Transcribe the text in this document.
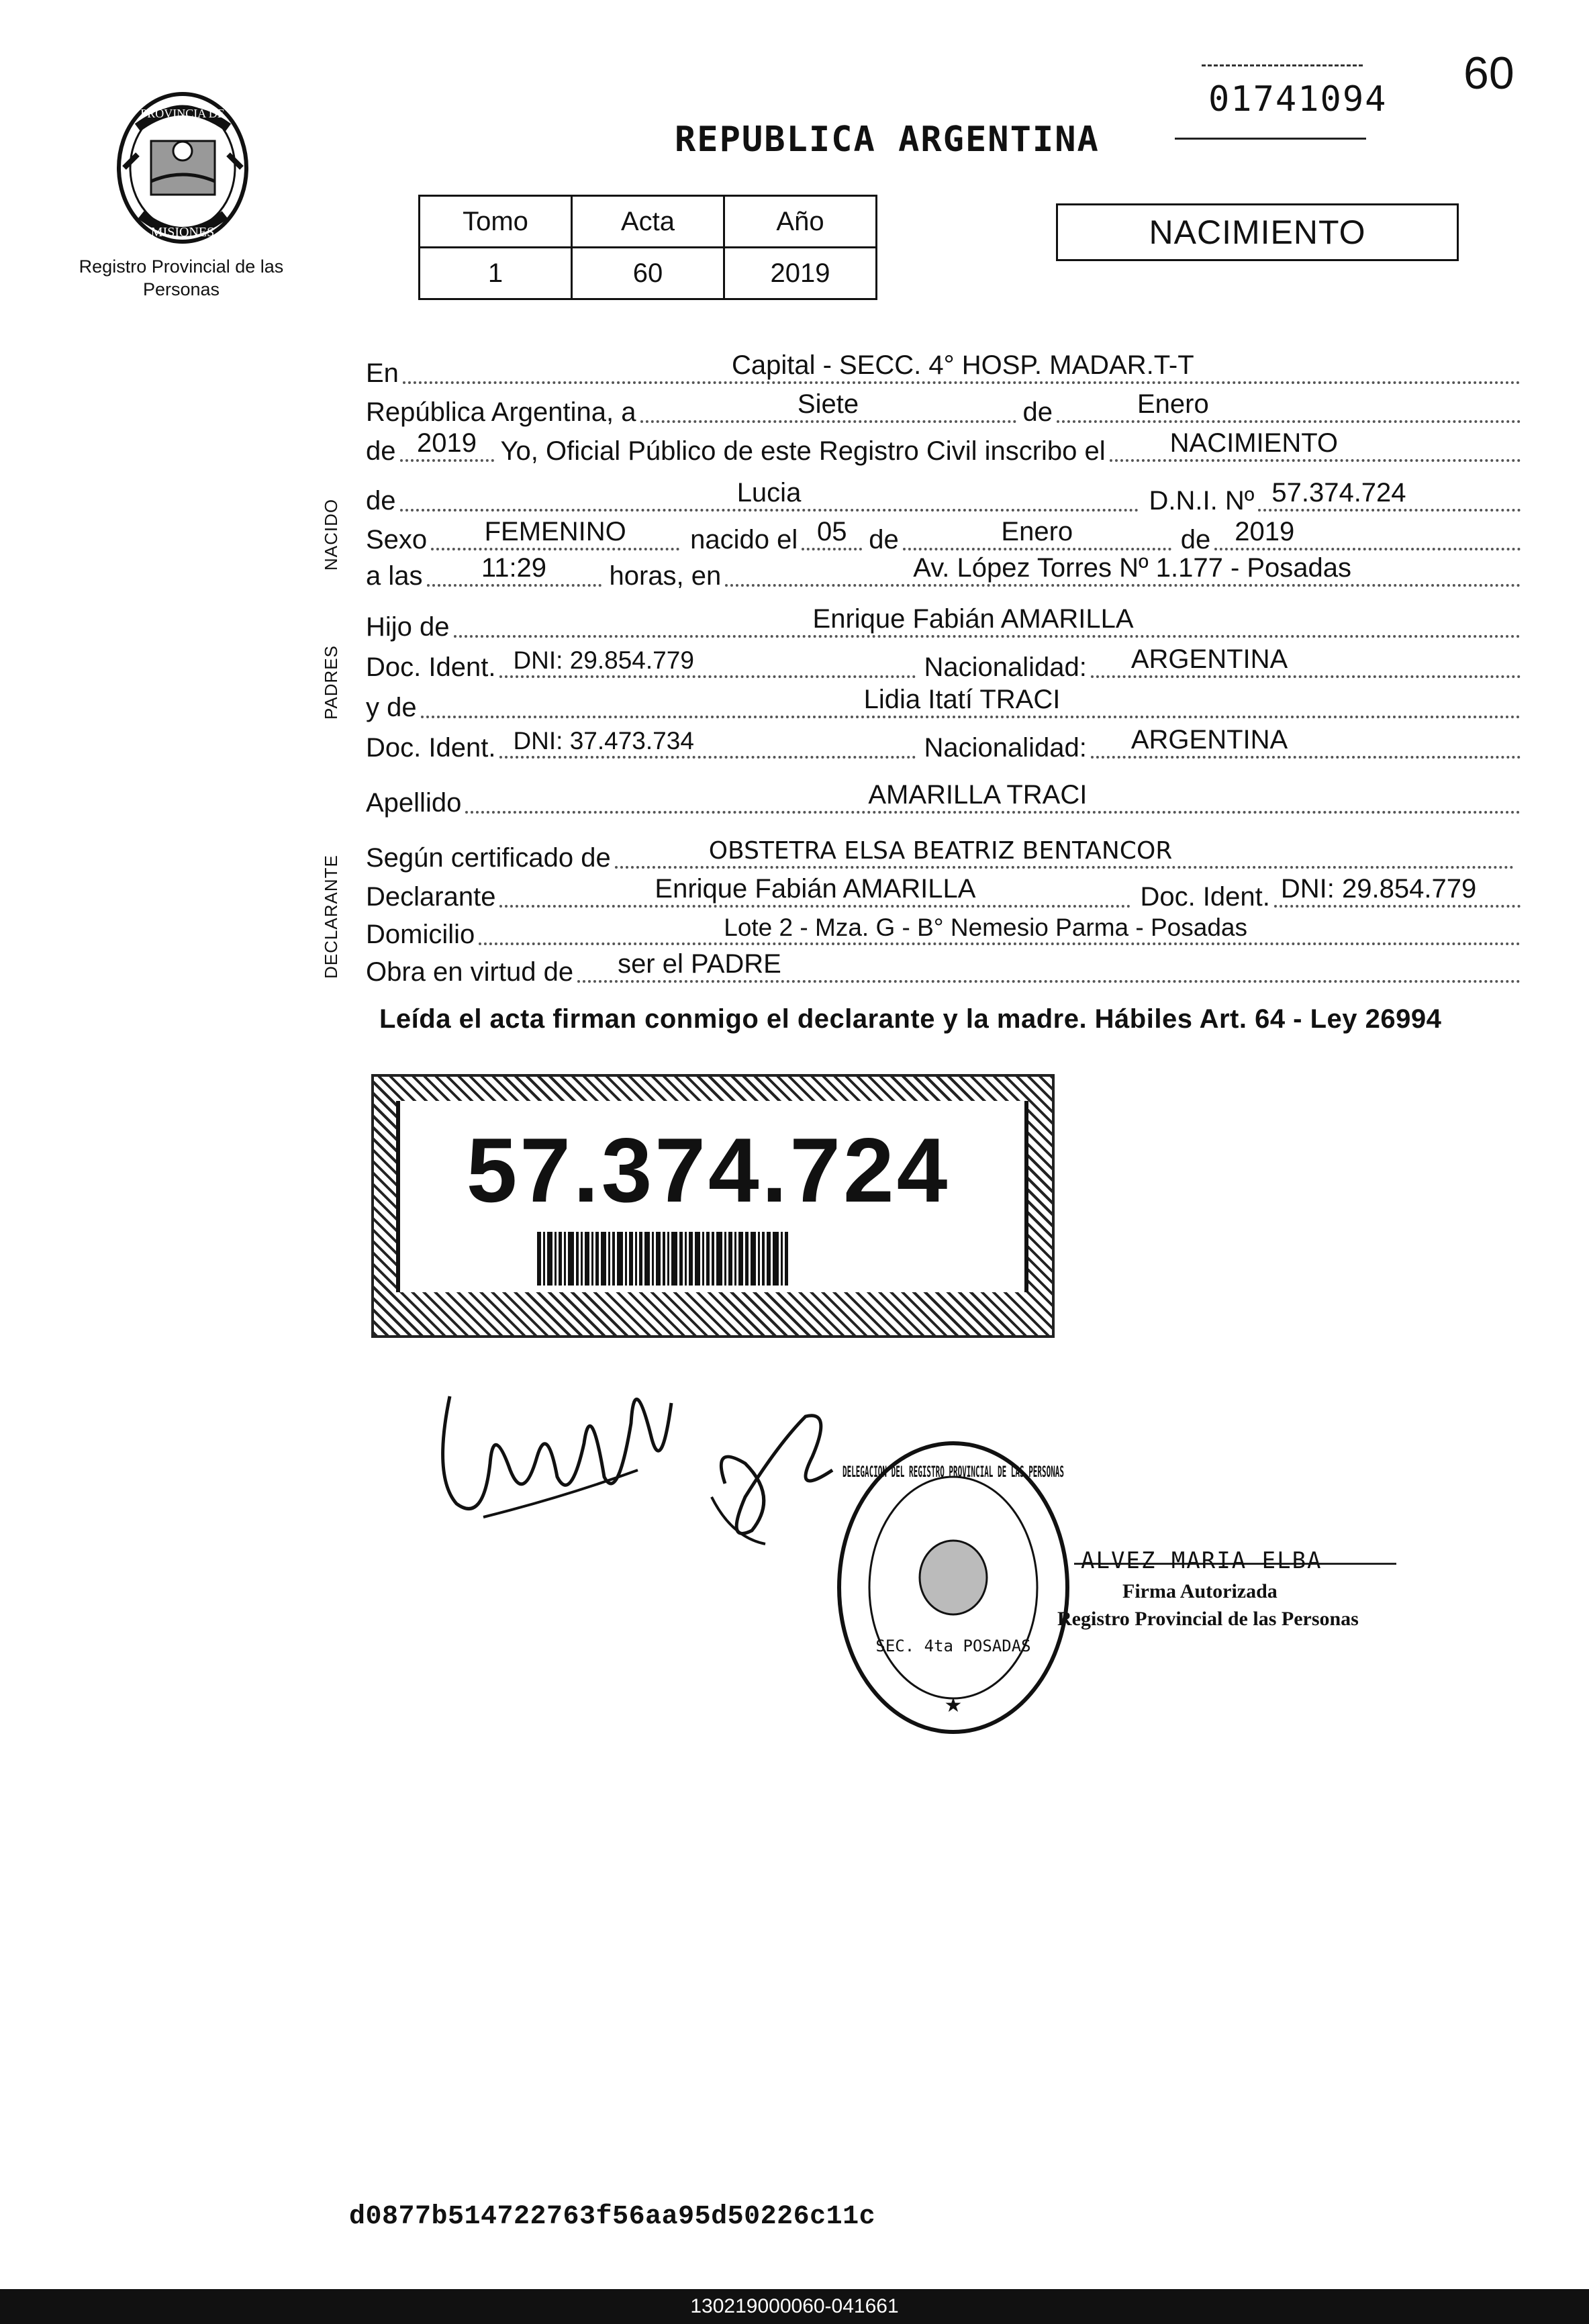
60
01741094
REPUBLICA ARGENTINA
PROVINCIA DE
MISIONES
Registro Provincial de las Personas
Tomo	Acta	Año
1	60	2019
NACIMIENTO
NACIDO
PADRES
DECLARANTE
En	Capital - SECC. 4° HOSP. MADAR.T-T
República Argentina, a	Siete	de	Enero
de 2019 Yo, Oficial Público de este Registro Civil inscribo el NACIMIENTO
de	Lucia	D.N.I. Nº 57.374.724
Sexo	FEMENINO	nacido el 05 de	Enero	de 2019
a las	11:29	horas, en	Av. López Torres Nº 1.177 - Posadas
Hijo de	Enrique Fabián AMARILLA
Doc. Ident. DNI: 29.854.779	Nacionalidad: ARGENTINA
y de	Lidia Itatí TRACI
Doc. Ident. DNI: 37.473.734	Nacionalidad: ARGENTINA
Apellido	AMARILLA TRACI
Según certificado de	OBSTETRA ELSA BEATRIZ BENTANCOR
Declarante	Enrique Fabián AMARILLA	Doc. Ident. DNI: 29.854.779
Domicilio	Lote 2 - Mza. G - B° Nemesio Parma - Posadas
Obra en virtud de ser el PADRE
Leída el acta firman conmigo el declarante y la madre. Hábiles Art. 64 - Ley 26994
57.374.724
DELEGACION DEL REGISTRO PROVINCIAL DE LAS PERSONAS
SEC. 4ta POSADAS
★
ALVEZ MARIA ELBA
Firma Autorizada
Registro Provincial de las Personas
d0877b514722763f56aa95d50226c11c
130219000060-041661
